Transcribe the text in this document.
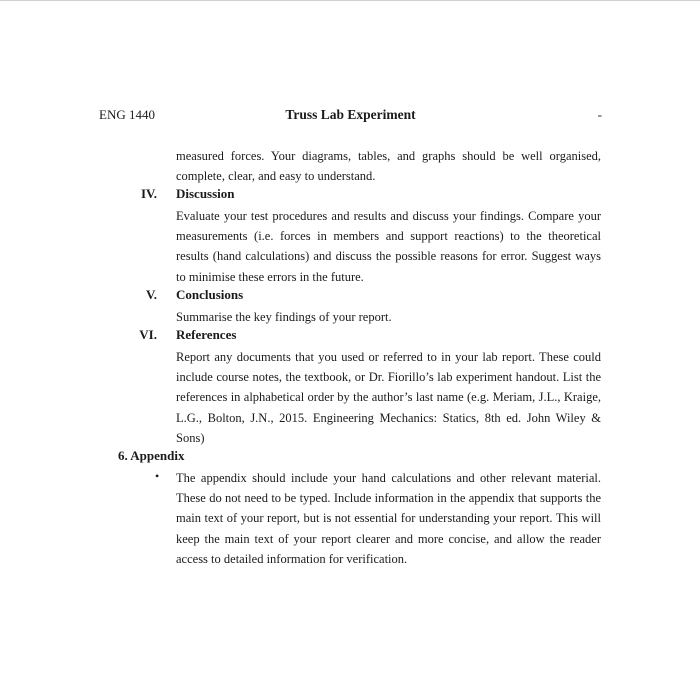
ENG 1440	Truss Lab Experiment	-

measured forces. Your diagrams, tables, and graphs should be well organised, complete, clear, and easy to understand.

IV. Discussion

Evaluate your test procedures and results and discuss your findings. Compare your measurements (i.e. forces in members and support reactions) to the theoretical results (hand calculations) and discuss the possible reasons for error. Suggest ways to minimise these errors in the future.

V. Conclusions

Summarise the key findings of your report.

VI. References

Report any documents that you used or referred to in your lab report. These could include course notes, the textbook, or Dr. Fiorillo’s lab experiment handout. List the references in alphabetical order by the author’s last name (e.g. Meriam, J.L., Kraige, L.G., Bolton, J.N., 2015. Engineering Mechanics: Statics, 8th ed. John Wiley & Sons)

6. Appendix
• The appendix should include your hand calculations and other relevant material. These do not need to be typed. Include information in the appendix that supports the main text of your report, but is not essential for understanding your report. This will keep the main text of your report clearer and more concise, and allow the reader access to detailed information for verification.
